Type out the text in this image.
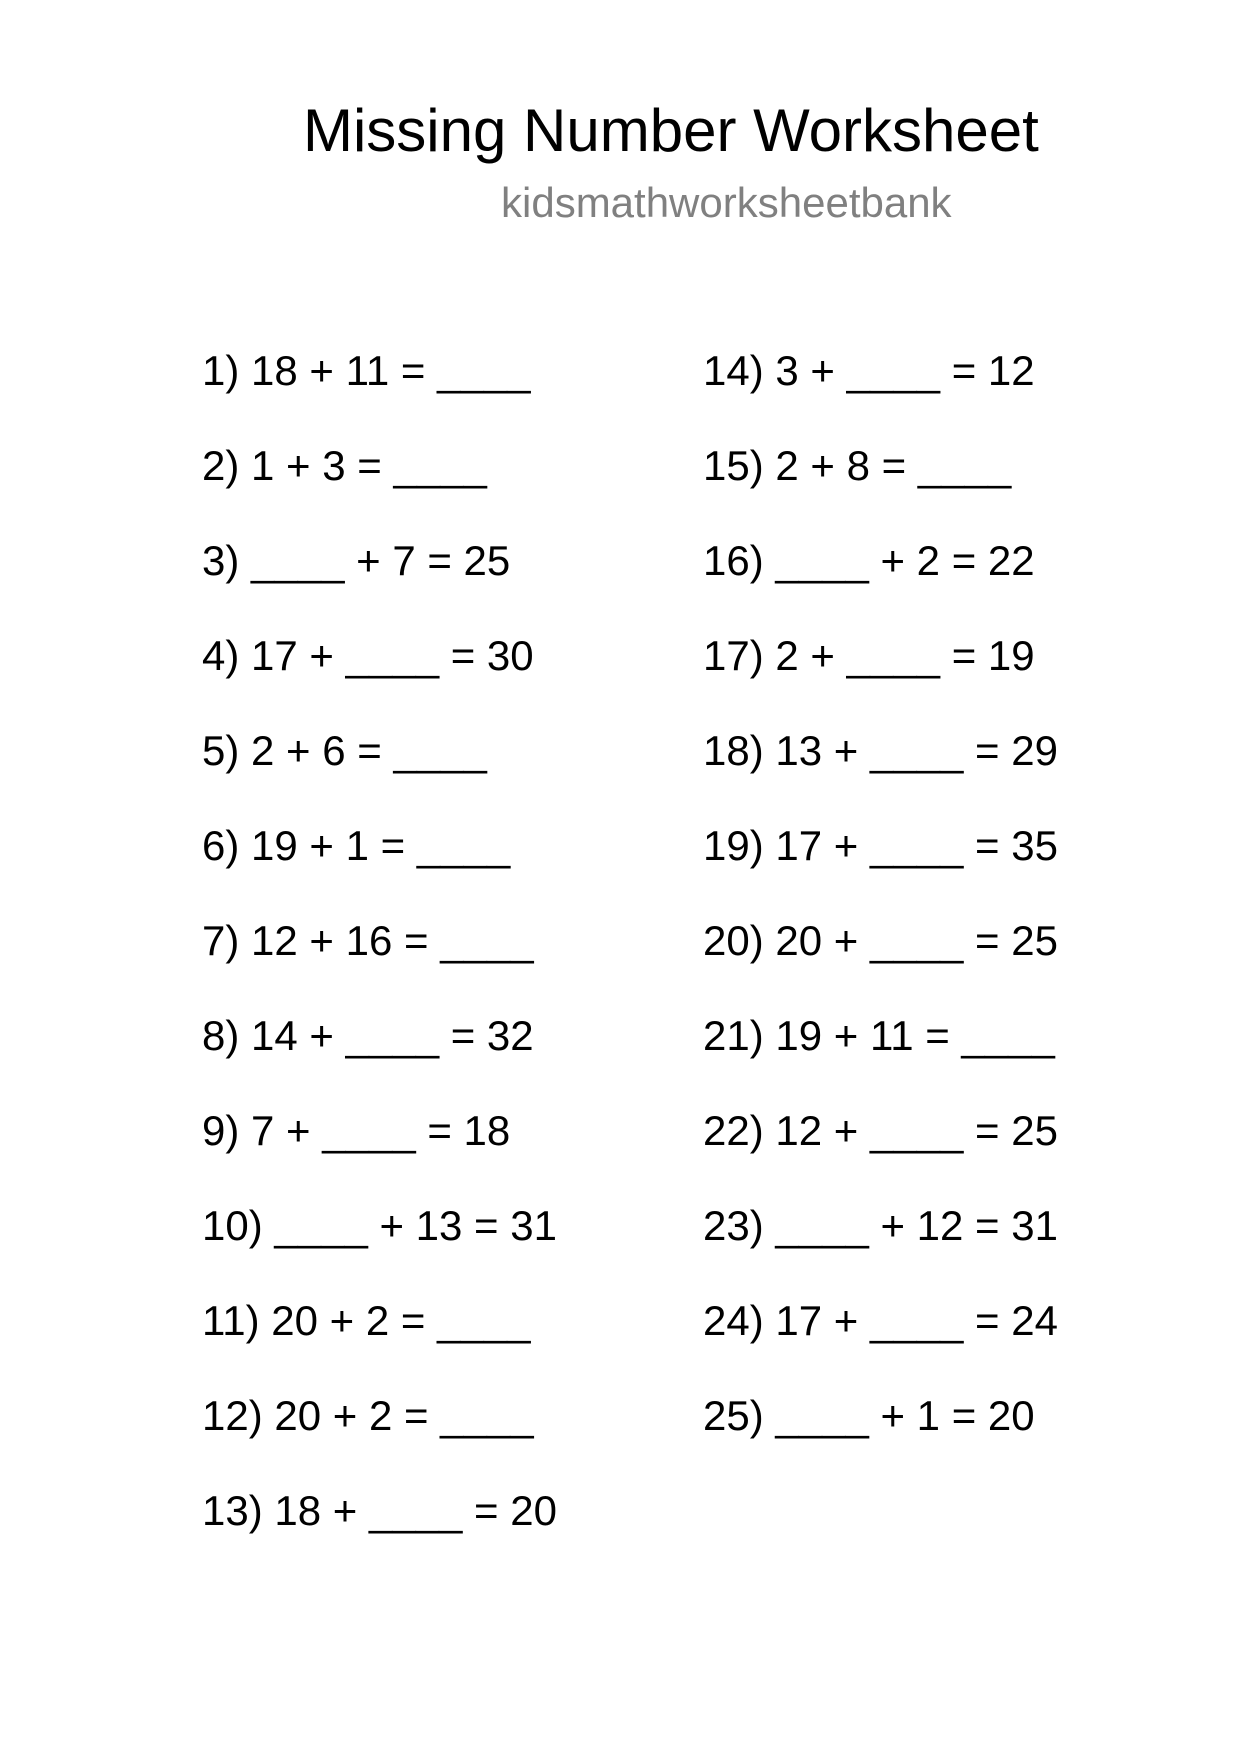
Missing Number Worksheet
kidsmathworksheetbank
1) 18 + 11 = ____
2) 1 + 3 = ____
3) ____ + 7 = 25
4) 17 + ____ = 30
5) 2 + 6 = ____
6) 19 + 1 = ____
7) 12 + 16 = ____
8) 14 + ____ = 32
9) 7 + ____ = 18
10) ____ + 13 = 31
11) 20 + 2 = ____
12) 20 + 2 = ____
13) 18 + ____ = 20
14) 3 + ____ = 12
15) 2 + 8 = ____
16) ____ + 2 = 22
17) 2 + ____ = 19
18) 13 + ____ = 29
19) 17 + ____ = 35
20) 20 + ____ = 25
21) 19 + 11 = ____
22) 12 + ____ = 25
23) ____ + 12 = 31
24) 17 + ____ = 24
25) ____ + 1 = 20
